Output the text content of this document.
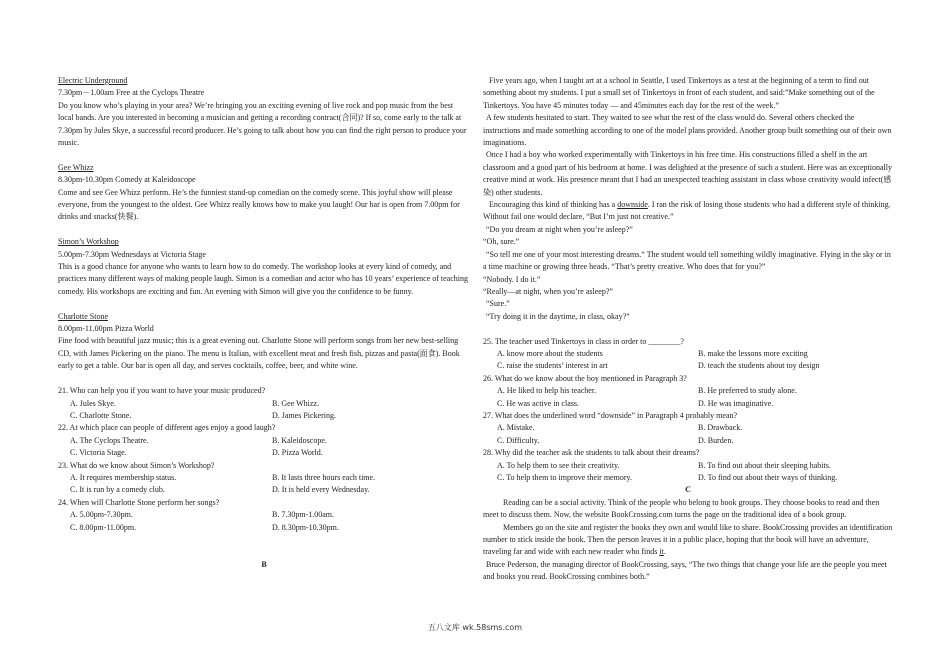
Electric Underground

7.30pm－1.00am Free at the Cyclops Theatre

Do you know who’s playing in your area? We’re bringing you an exciting evening of live rock and pop music from the best local bands. Are you interested in becoming a musician and getting a recording contract(合同)? If so, come early to the talk at 7.30pm by Jules Skye, a successful record producer. He’s going to talk about how you can find the right person to produce your music.

Gee Whizz

8.30pm-10.30pm Comedy at Kaleidoscope

Come and see Gee Whizz perform. He’s the funniest stand-up comedian on the comedy scene. This joyful show will please everyone, from the youngest to the oldest. Gee Whizz really knows how to make you laugh! Our bar is open from 7.00pm for drinks and snacks(快餐).

Simon’s Workshop

5.00pm-7.30pm Wednesdays at Victoria Stage

This is a good chance for anyone who wants to learn how to do comedy. The workshop looks at every kind of comedy, and practices many different ways of making people laugh. Simon is a comedian and actor who has 10 years’ experience of teaching comedy. His workshops are exciting and fun. An evening with Simon will give you the confidence to be funny.

Charlotte Stone

8.00pm-11.00pm Pizza World

Fine food with beautiful jazz music; this is a great evening out. Charlotte Stone will perform songs from her new best-selling CD, with James Pickering on the piano. The menu is Italian, with excellent meat and fresh fish, pizzas and pasta(面食). Book early to get a table. Our bar is open all day, and serves cocktails, coffee, beer, and white wine.

21. Who can help you if you want to have your music produced?

A. Jules Skye.	B. Gee Whizz.
C. Charlotte Stone.	D. James Pickering.

22. At which place can people of different ages enjoy a good laugh?

A. The Cyclops Theatre.	B. Kaleidoscope.
C. Victoria Stage.	D. Pizza World.

23. What do we know about Simon’s Workshop?

A. It requires membership status.	B. It lasts three hours each time.
C. It is run by a comedy club.	D. It is held every Wednesday.

24. When will Charlotte Stone perform her songs?

A. 5.00pm-7.30pm.	B. 7.30pm-1.00am.
C. 8.00pm-11.00pm.	D. 8.30pm-10.30pm.

B

Five years ago, when I taught art at a school in Seattle, I used Tinkertoys as a test at the beginning of a term to find out something about my students. I put a small set of Tinkertoys in front of each student, and said:”Make something out of the Tinkertoys. You have 45 minutes today — and 45minutes each day for the rest of the week.”

A few students hesitated to start. They waited to see what the rest of the class would do. Several others checked the instructions and made something according to one of the model plans provided. Another group built something out of their own imaginations.

Once I had a boy who worked experimentally with Tinkertoys in his free time. His constructions filled a shelf in the art classroom and a good part of his bedroom at home. I was delighted at the presence of such a student. Here was an exceptionally creative mind at work. His presence meant that I had an unexpected teaching assistant in class whose creativity would infect(感染) other students.

Encouraging this kind of thinking has a downside. I ran the risk of losing those students who had a different style of thinking. Without fail one would declare, “But I’m just not creative.”

“Do you dream at night when you’re asleep?”

“Oh, sure.”

“So tell me one of your most interesting dreams.” The student would tell something wildly imaginative. Flying in the sky or in a time machine or growing three heads. “That’s pretty creative. Who does that for you?”

“Nobody. I do it.”

“Really—at night, when you’re asleep?”

“Sure.”

“Try doing it in the daytime, in class, okay?”

25. The teacher used Tinkertoys in class in order to ________?

A. know more about the students	B. make the lessons more exciting
C. raise the students’ interest in art	D. teach the students about toy design

26. What do we know about the boy mentioned in Paragraph 3?

A. He liked to help his teacher.	B. He preferred to study alone.
C. He was active in class.	D. He was imaginative.

27. What does the underlined word “downside” in Paragraph 4 probably mean?

A. Mistake.	B. Drawback.
C. Difficulty.	D. Burden.

28. Why did the teacher ask the students to talk about their dreams?

A. To help them to see their creativity.	B. To find out about their sleeping habits.
C. To help them to improve their memory.	D. To find out about their ways of thinking.

C

Reading can be a social activity. Think of the people who belong to book groups. They choose books to read and then meet to discuss them. Now, the website BookCrossing.com turns the page on the traditional idea of a book group.

Members go on the site and register the books they own and would like to share. BookCrossing provides an identification number to stick inside the book. Then the person leaves it in a public place, hoping that the book will have an adventure, traveling far and wide with each new reader who finds it.

Bruce Pederson, the managing director of BookCrossing, says, “The two things that change your life are the people you meet and books you read. BookCrossing combines both.”

五八文库 wk.58sms.com
